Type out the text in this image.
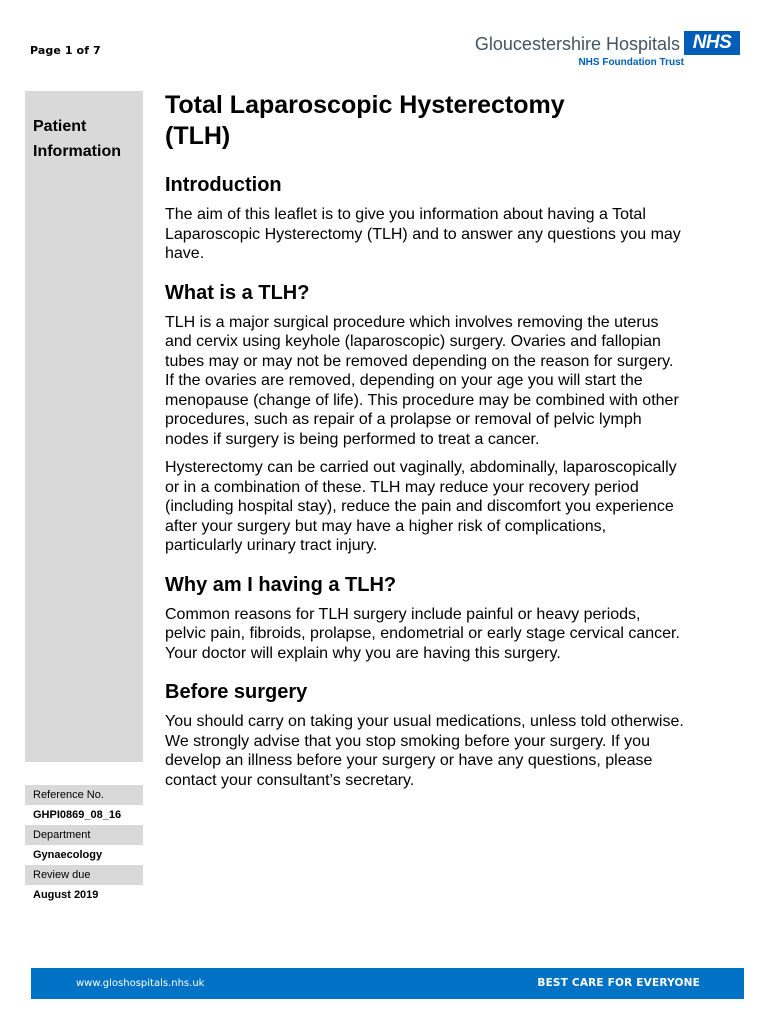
Page 1 of 7	Gloucestershire Hospitals NHS
NHS Foundation Trust
Patient
Information
Reference No.
GHPI0869_08_16
Department
Gynaecology
Review due
August 2019
Total Laparoscopic Hysterectomy
(TLH)
Introduction

The aim of this leaflet is to give you information about having a Total Laparoscopic Hysterectomy (TLH) and to answer any questions you may have.

What is a TLH?

TLH is a major surgical procedure which involves removing the uterus and cervix using keyhole (laparoscopic) surgery. Ovaries and fallopian tubes may or may not be removed depending on the reason for surgery. If the ovaries are removed, depending on your age you will start the menopause (change of life). This procedure may be combined with other procedures, such as repair of a prolapse or removal of pelvic lymph nodes if surgery is being performed to treat a cancer.

Hysterectomy can be carried out vaginally, abdominally, laparoscopically or in a combination of these. TLH may reduce your recovery period (including hospital stay), reduce the pain and discomfort you experience after your surgery but may have a higher risk of complications, particularly urinary tract injury.

Why am I having a TLH?

Common reasons for TLH surgery include painful or heavy periods, pelvic pain, fibroids, prolapse, endometrial or early stage cervical cancer. Your doctor will explain why you are having this surgery.

Before surgery

You should carry on taking your usual medications, unless told otherwise. We strongly advise that you stop smoking before your surgery. If you develop an illness before your surgery or have any questions, please contact your consultant’s secretary.

www.gloshospitals.nhs.uk	BEST CARE FOR EVERYONE
